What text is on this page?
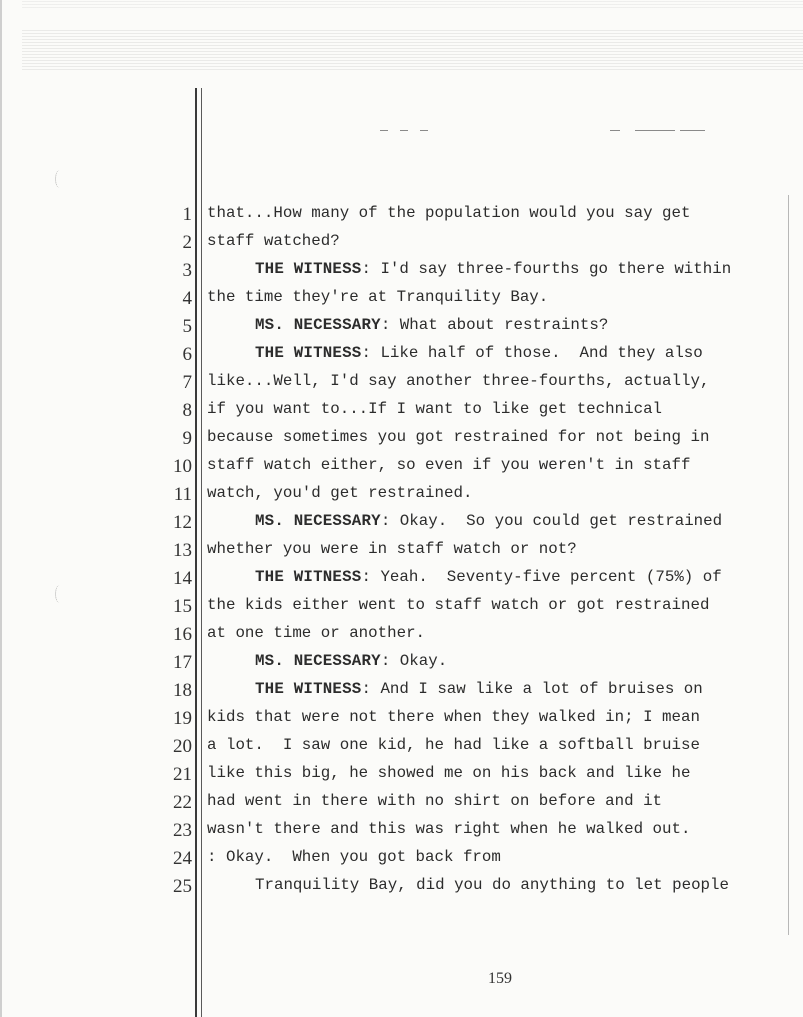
1 that...How many of the population would you say get
2 staff watched?
3	THE WITNESS: I'd say three-fourths go there within
4 the time they're at Tranquility Bay.
5	MS. NECESSARY: What about restraints?
6	THE WITNESS: Like half of those.  And they also
7 like...Well, I'd say another three-fourths, actually,
8 if you want to...If I want to like get technical
9 because sometimes you got restrained for not being in
10 staff watch either, so even if you weren't in staff
11 watch, you'd get restrained.
12	MS. NECESSARY: Okay.  So you could get restrained
13 whether you were in staff watch or not?
14	THE WITNESS: Yeah.  Seventy-five percent (75%) of
15 the kids either went to staff watch or got restrained
16 at one time or another.
17	MS. NECESSARY: Okay.
18	THE WITNESS: And I saw like a lot of bruises on
19 kids that were not there when they walked in; I mean
20 a lot.  I saw one kid, he had like a softball bruise
21 like this big, he showed me on his back and like he
22 had went in there with no shirt on before and it
23 wasn't there and this was right when he walked out.
24 : Okay.  When you got back from
25	Tranquility Bay, did you do anything to let people
159
